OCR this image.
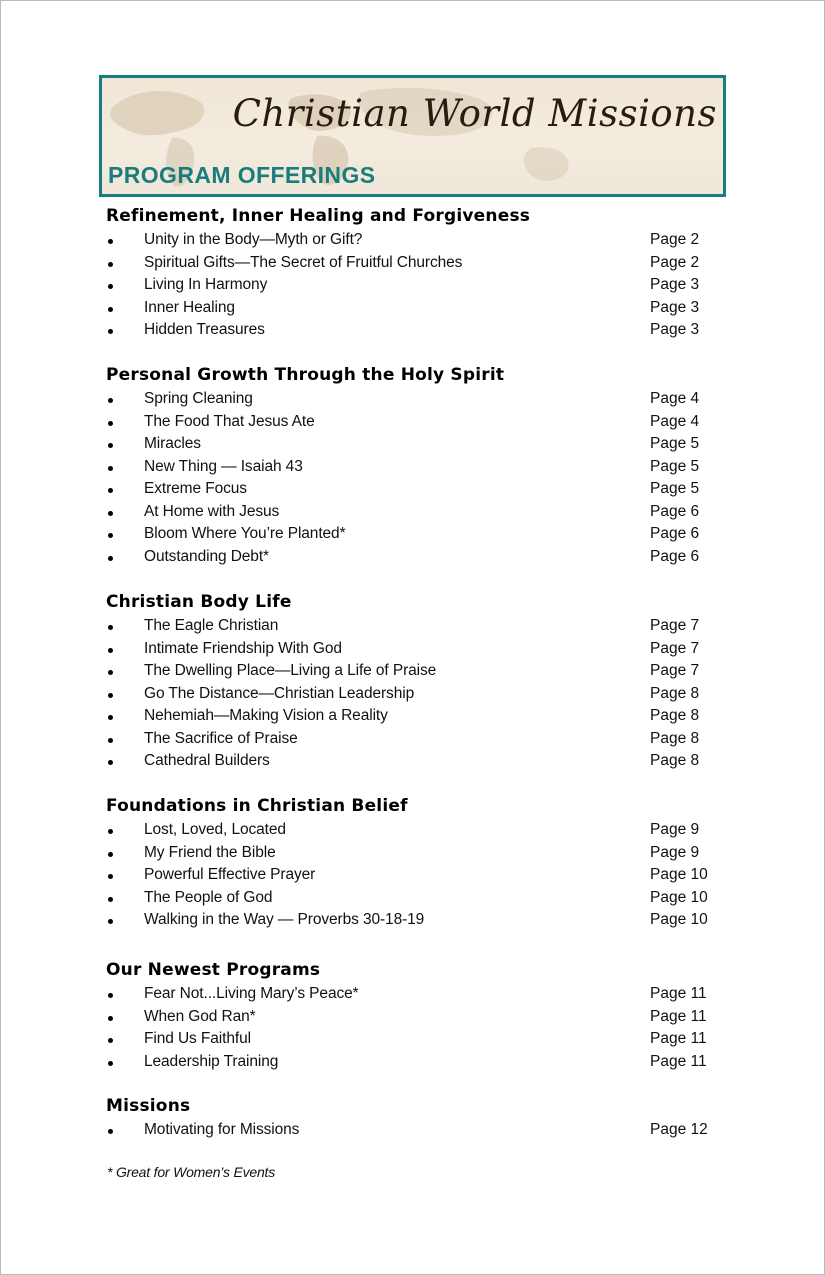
Christian World Missions
PROGRAM OFFERINGS
Refinement, Inner Healing and Forgiveness
Unity in the Body—Myth or Gift?	Page 2
Spiritual Gifts—The Secret of Fruitful Churches	Page 2
Living In Harmony	Page 3
Inner Healing	Page 3
Hidden Treasures	Page 3
Personal Growth Through the Holy Spirit
Spring Cleaning	Page 4
The Food That Jesus Ate	Page 4
Miracles	Page 5
New Thing — Isaiah 43	Page 5
Extreme Focus	Page 5
At Home with Jesus	Page 6
Bloom Where You’re Planted*	Page 6
Outstanding Debt*	Page 6
Christian Body Life
The Eagle Christian	Page 7
Intimate Friendship With God	Page 7
The Dwelling Place—Living a Life of Praise	Page 7
Go The Distance—Christian Leadership	Page 8
Nehemiah—Making Vision a Reality	Page 8
The Sacrifice of Praise	Page 8
Cathedral Builders	Page 8
Foundations in Christian Belief
Lost, Loved, Located	Page 9
My Friend the Bible	Page 9
Powerful Effective Prayer	Page 10
The People of God	Page 10
Walking in the Way — Proverbs 30-18-19	Page 10
Our Newest Programs
Fear Not...Living Mary’s Peace*	Page 11
When God Ran*	Page 11
Find Us Faithful	Page 11
Leadership Training	Page 11
Missions
Motivating for Missions	Page 12
* Great for Women’s Events
